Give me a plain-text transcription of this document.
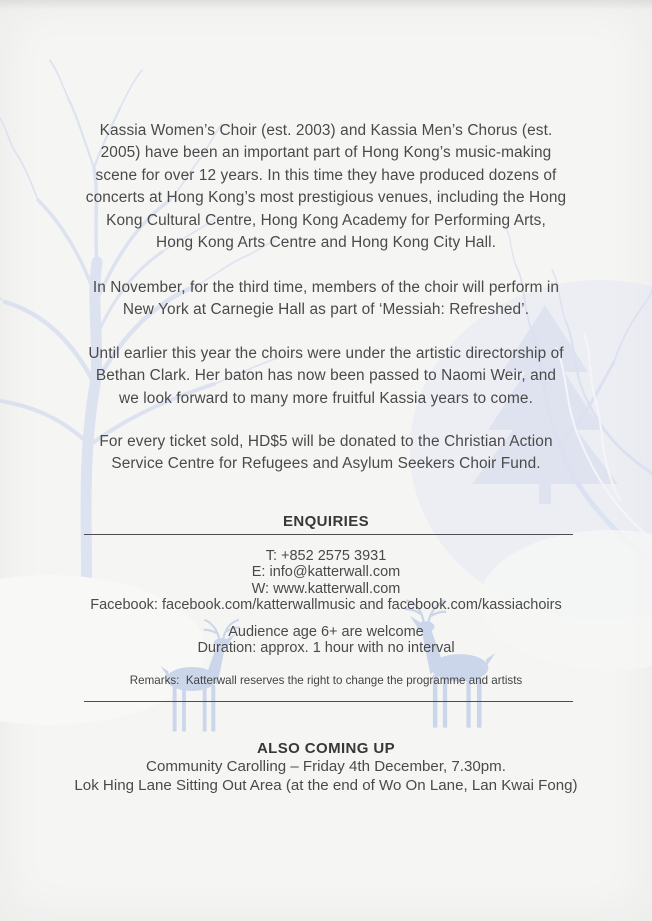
Kassia Women’s Choir (est. 2003) and Kassia Men’s Chorus (est.
2005) have been an important part of Hong Kong’s music-making
scene for over 12 years. In this time they have produced dozens of
concerts at Hong Kong’s most prestigious venues, including the Hong
Kong Cultural Centre, Hong Kong Academy for Performing Arts,
Hong Kong Arts Centre and Hong Kong City Hall.
In November, for the third time, members of the choir will perform in
New York at Carnegie Hall as part of ‘Messiah: Refreshed’.
Until earlier this year the choirs were under the artistic directorship of
Bethan Clark. Her baton has now been passed to Naomi Weir, and
we look forward to many more fruitful Kassia years to come.
For every ticket sold, HD$5 will be donated to the Christian Action
Service Centre for Refugees and Asylum Seekers Choir Fund.
ENQUIRIES
T: +852 2575 3931
E: info@katterwall.com
W: www.katterwall.com
Facebook: facebook.com/katterwallmusic and facebook.com/kassiachoirs
Audience age 6+ are welcome
Duration: approx. 1 hour with no interval
Remarks:  Katterwall reserves the right to change the programme and artists
ALSO COMING UP
Community Carolling – Friday 4th December, 7.30pm.
Lok Hing Lane Sitting Out Area (at the end of Wo On Lane, Lan Kwai Fong)
